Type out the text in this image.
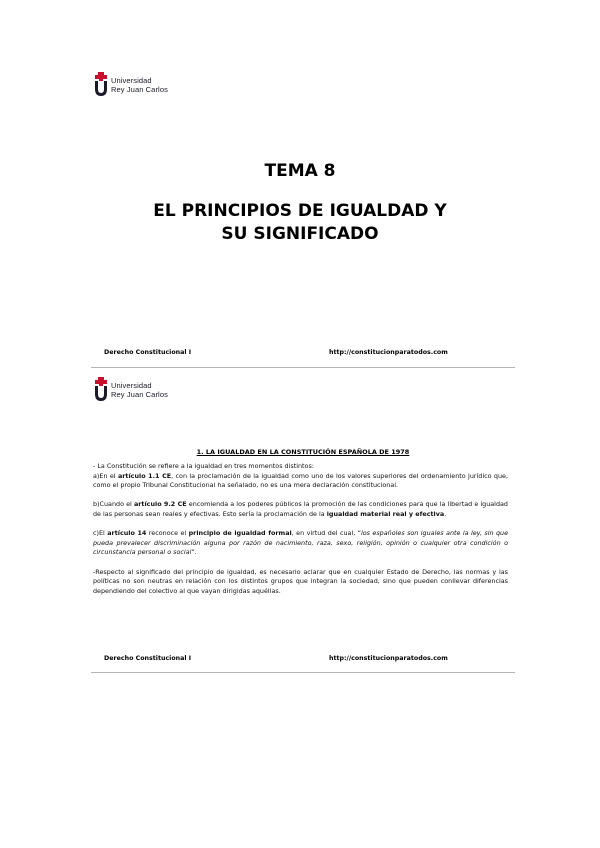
Universidad
Rey Juan Carlos
TEMA 8
EL PRINCIPIOS DE IGUALDAD Y
SU SIGNIFICADO
Derecho Constitucional I	http://constitucionparatodos.com
Universidad
Rey Juan Carlos
1. LA IGUALDAD EN LA CONSTITUCIÓN ESPAÑOLA DE 1978

- La Constitución se refiere a la igualdad en tres momentos distintos:

a)En el artículo 1.1 CE, con la proclamación de la igualdad como uno de los valores superiores del ordenamiento jurídico que, como el propio Tribunal Constitucional ha señalado, no es una mera declaración constitucional.

b)Cuando el artículo 9.2 CE encomienda a los poderes públicos la promoción de las condiciones para que la libertad e igualdad de las personas sean reales y efectivas. Esto sería la proclamación de la igualdad material real y efectiva.

c)El artículo 14 reconoce el principio de igualdad formal, en virtud del cual, “los españoles son iguales ante la ley, sin que pueda prevalecer discriminación alguna por razón de nacimiento, raza, sexo, religión, opinión o cualquier otra condición o circunstancia personal o social”.

-Respecto al significado del principio de igualdad, es necesario aclarar que en cualquier Estado de Derecho, las normas y las políticas no son neutras en relación con los distintos grupos que integran la sociedad, sino que pueden conllevar diferencias dependiendo del colectivo al que vayan dirigidas aquéllas.

Derecho Constitucional I	http://constitucionparatodos.com
